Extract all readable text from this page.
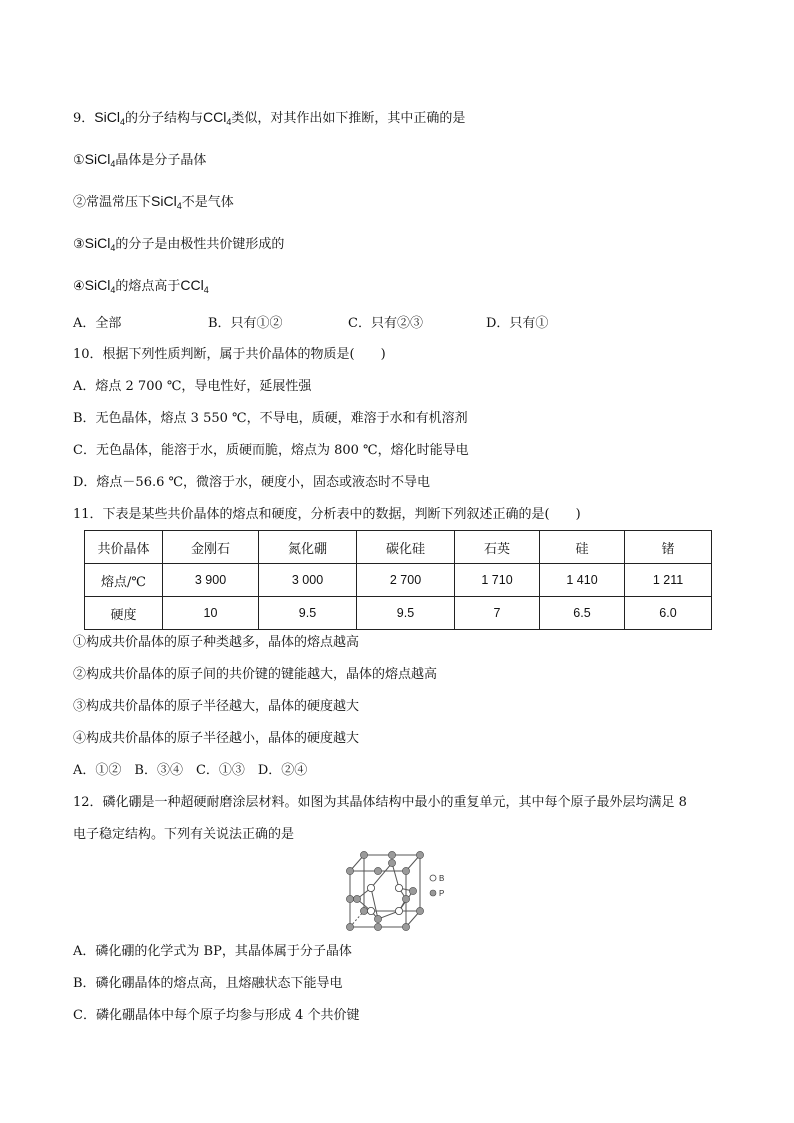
9．SiCl$_4$的分子结构与CCl$_4$类似，对其作出如下推断，其中正确的是
①SiCl$_4$晶体是分子晶体
②常温常压下SiCl$_4$不是气体
③SiCl$_4$的分子是由极性共价键形成的
④SiCl$_4$的熔点高于CCl$_4$
A．全部	B．只有①②	C．只有②③	D．只有①
10．根据下列性质判断，属于共价晶体的物质是(　　)
A．熔点 2 700 ℃，导电性好，延展性强
B．无色晶体，熔点 3 550 ℃，不导电，质硬，难溶于水和有机溶剂
C．无色晶体，能溶于水，质硬而脆，熔点为 800 ℃，熔化时能导电
D．熔点－56.6 ℃，微溶于水，硬度小，固态或液态时不导电
11．下表是某些共价晶体的熔点和硬度，分析表中的数据，判断下列叙述正确的是(　　)
共价晶体	金刚石	氮化硼	碳化硅	石英	硅	锗
熔点/℃	3 900	3 000	2 700	1 710	1 410	1 211
硬度	10	9.5	9.5	7	6.5	6.0
①构成共价晶体的原子种类越多，晶体的熔点越高
②构成共价晶体的原子间的共价键的键能越大，晶体的熔点越高
③构成共价晶体的原子半径越大，晶体的硬度越大
④构成共价晶体的原子半径越小，晶体的硬度越大
A．①②　B．③④　C．①③　D．②④
12．磷化硼是一种超硬耐磨涂层材料。如图为其晶体结构中最小的重复单元，其中每个原子最外层均满足 8
电子稳定结构。下列有关说法正确的是
B
P
A．磷化硼的化学式为 BP，其晶体属于分子晶体
B．磷化硼晶体的熔点高，且熔融状态下能导电
C．磷化硼晶体中每个原子均参与形成 4 个共价键
